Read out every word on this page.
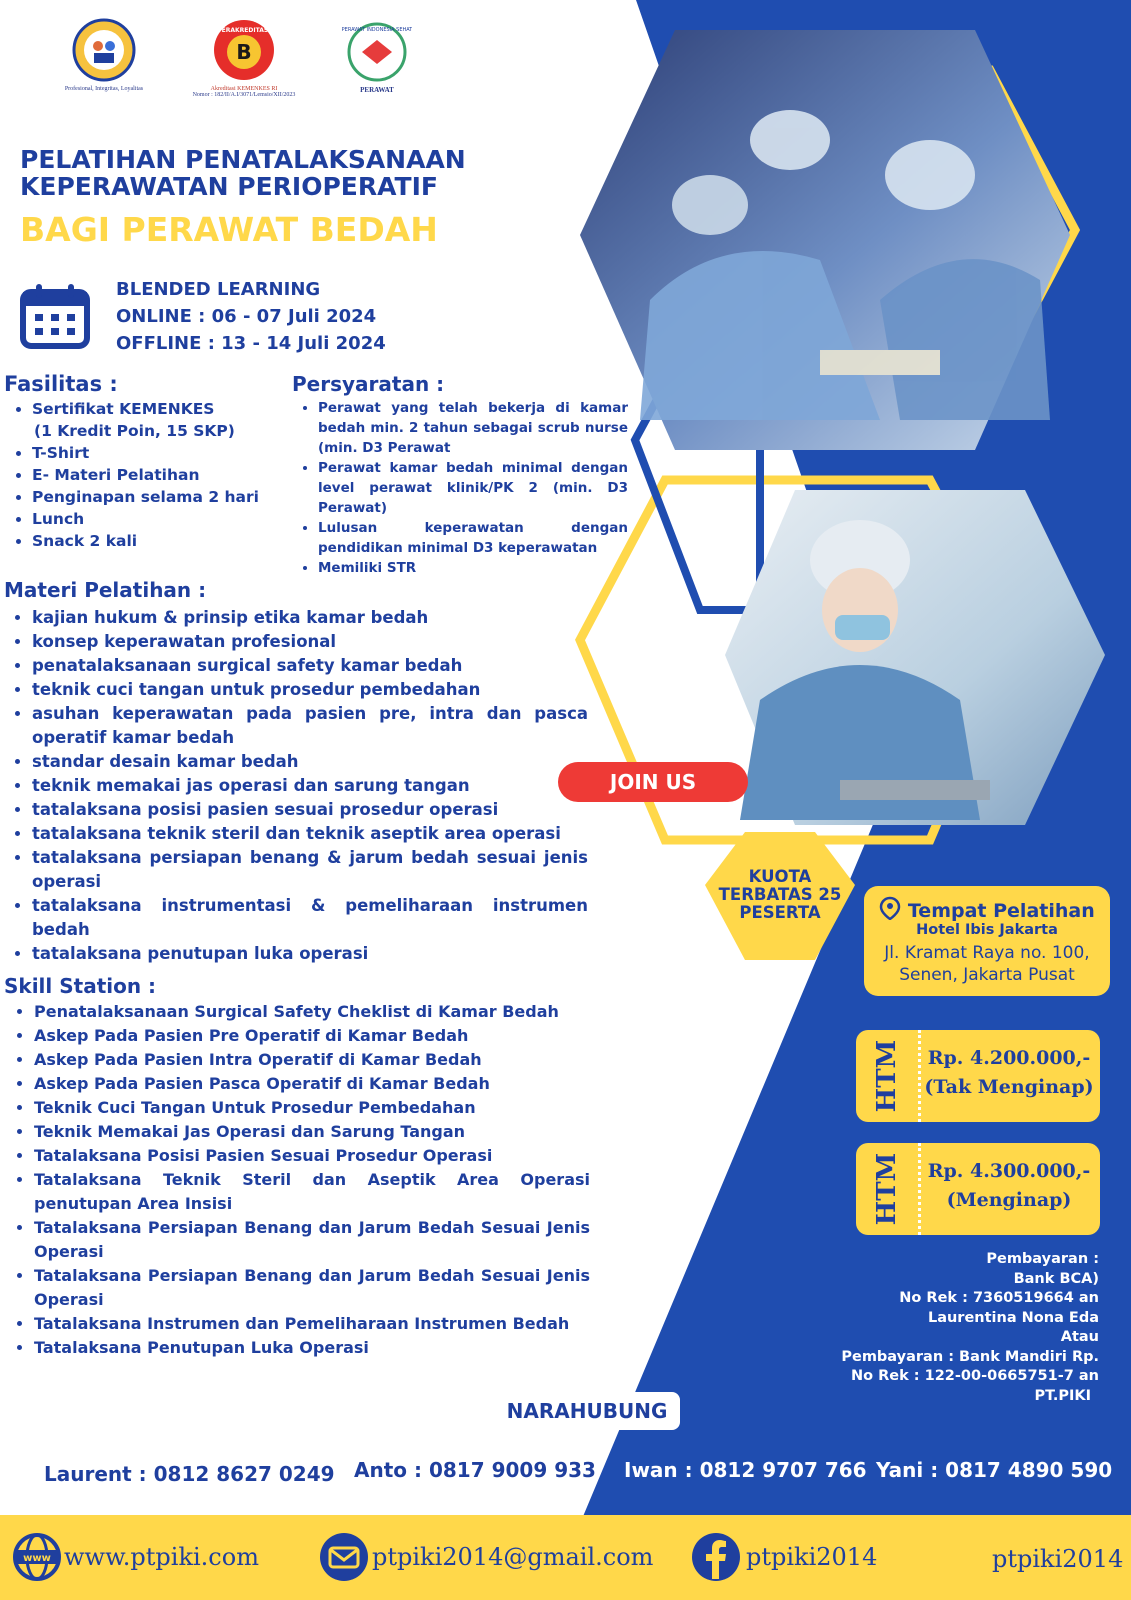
Profesional, Integritas, Loyalitas
B
TERAKREDITASI
Akreditasi KEMENKES RI
Nomor : 182/II/A.I/3071/Lemsio/XII/2023
PERAWAT INDONESIA SEHAT
PERAWAT
PELATIHAN PENATALAKSANAAN
KEPERAWATAN PERIOPERATIF
BAGI PERAWAT BEDAH
BLENDED LEARNING
ONLINE : 06 - 07 Juli 2024
OFFLINE : 13 - 14 Juli 2024
Fasilitas :
• Sertifikat KEMENKES
(1 Kredit Poin, 15 SKP)
• T-Shirt
• E- Materi Pelatihan
• Penginapan selama 2 hari
• Lunch
• Snack 2 kali
Persyaratan :
• Perawat yang telah bekerja di kamar bedah min. 2 tahun sebagai scrub nurse (min. D3 Perawat
• Perawat kamar bedah minimal dengan level perawat klinik/PK 2 (min. D3 Perawat)
• Lulusan keperawatan dengan pendidikan minimal D3 keperawatan
• Memiliki STR
Materi Pelatihan :
• kajian hukum & prinsip etika kamar bedah
• konsep keperawatan profesional
• penatalaksanaan surgical safety kamar bedah
• teknik cuci tangan untuk prosedur pembedahan
• asuhan keperawatan pada pasien pre, intra dan pasca operatif kamar bedah
• standar desain kamar bedah
• teknik memakai jas operasi dan sarung tangan
• tatalaksana posisi pasien sesuai prosedur operasi
• tatalaksana teknik steril dan teknik aseptik area operasi
• tatalaksana persiapan benang & jarum bedah sesuai jenis operasi
• tatalaksana instrumentasi & pemeliharaan instrumen bedah
• tatalaksana penutupan luka operasi
Skill Station :
• Penatalaksanaan Surgical Safety Cheklist di Kamar Bedah
• Askep Pada Pasien Pre Operatif di Kamar Bedah
• Askep Pada Pasien Intra Operatif di Kamar Bedah
• Askep Pada Pasien Pasca Operatif di Kamar Bedah
• Teknik Cuci Tangan Untuk Prosedur Pembedahan
• Teknik Memakai Jas Operasi dan Sarung Tangan
• Tatalaksana Posisi Pasien Sesuai Prosedur Operasi
• Tatalaksana Teknik Steril dan Aseptik Area Operasi penutupan Area Insisi
• Tatalaksana Persiapan Benang dan Jarum Bedah Sesuai Jenis Operasi
• Tatalaksana Persiapan Benang dan Jarum Bedah Sesuai Jenis Operasi
• Tatalaksana Instrumen dan Pemeliharaan Instrumen Bedah
• Tatalaksana Penutupan Luka Operasi
JOIN US
KUOTA
TERBATAS 25
PESERTA	Tempat Pelatihan
Hotel Ibis Jakarta
Jl. Kramat Raya no. 100,
Senen, Jakarta Pusat
HTM	Rp. 4.200.000,-
(Tak Menginap)
HTM	Rp. 4.300.000,-
(Menginap)
Pembayaran :
Bank BCA)
No Rek : 7360519664 an
Laurentina Nona Eda
Atau
Pembayaran : Bank Mandiri Rp.
No Rek : 122-00-0665751-7 an
PT.PIKI
NARAHUBUNG
Laurent : 0812 8627 0249 Anto : 0817 9009 933 Iwan : 0812 9707 766 Yani : 0817 4890 590
www www.ptpiki.com	ptpiki2014@gmail.com	ptpiki2014	ptpiki2014
